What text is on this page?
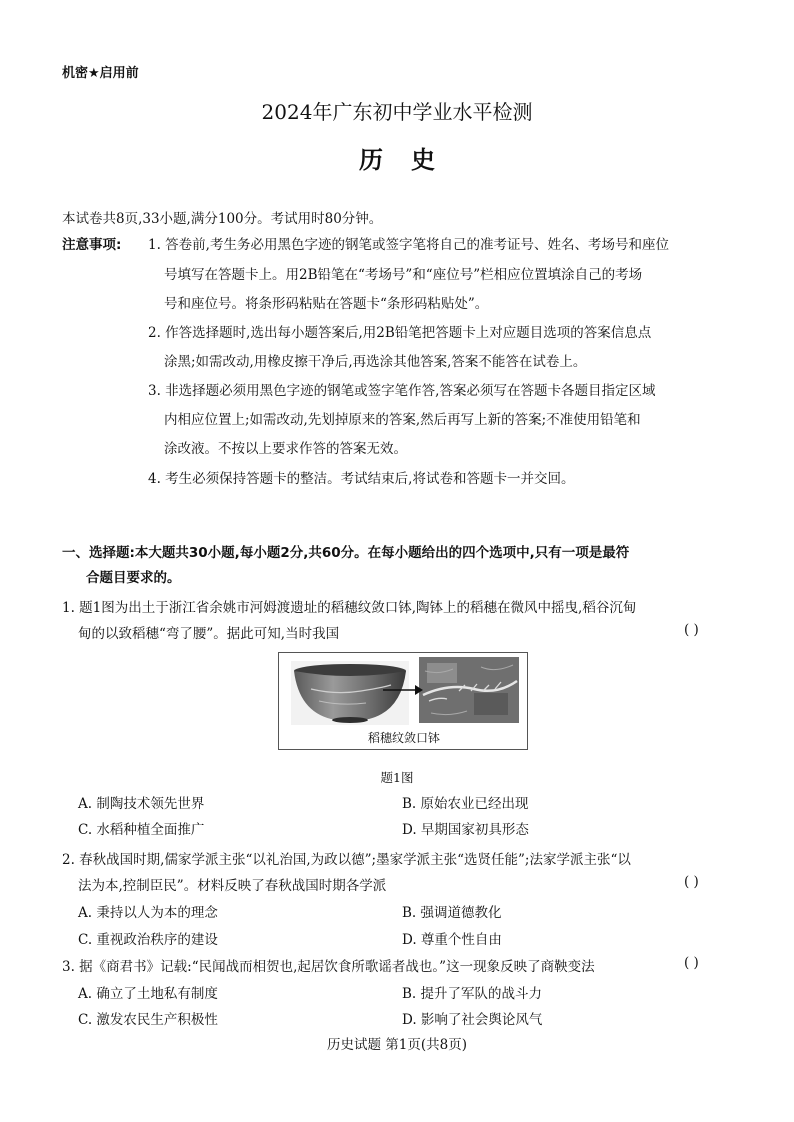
机密★启用前
2024年广东初中学业水平检测
历史
本试卷共8页,33小题,满分100分。考试用时80分钟。
注意事项: 1. 答卷前,考生务必用黑色字迹的钢笔或签字笔将自己的准考证号、姓名、考场号和座位
号填写在答题卡上。用2B铅笔在“考场号”和“座位号”栏相应位置填涂自己的考场
号和座位号。将条形码粘贴在答题卡“条形码粘贴处”。
2. 作答选择题时,选出每小题答案后,用2B铅笔把答题卡上对应题目选项的答案信息点
涂黑;如需改动,用橡皮擦干净后,再选涂其他答案,答案不能答在试卷上。
3. 非选择题必须用黑色字迹的钢笔或签字笔作答,答案必须写在答题卡各题目指定区域
内相应位置上;如需改动,先划掉原来的答案,然后再写上新的答案;不准使用铅笔和
涂改液。不按以上要求作答的答案无效。
4. 考生必须保持答题卡的整洁。考试结束后,将试卷和答题卡一并交回。
一、选择题:本大题共30小题,每小题2分,共60分。在每小题给出的四个选项中,只有一项是最符
合题目要求的。
1. 题1图为出土于浙江省余姚市河姆渡遗址的稻穗纹敛口钵,陶钵上的稻穗在微风中摇曳,稻谷沉甸
甸的以致稻穗“弯了腰”。据此可知,当时我国	( )
稻穗纹敛口钵
题1图
A. 制陶技术领先世界	B. 原始农业已经出现
C. 水稻种植全面推广	D. 早期国家初具形态
2. 春秋战国时期,儒家学派主张“以礼治国,为政以德”;墨家学派主张“选贤任能”;法家学派主张“以
法为本,控制臣民”。材料反映了春秋战国时期各学派	( )
A. 秉持以人为本的理念	B. 强调道德教化
C. 重视政治秩序的建设	D. 尊重个性自由
3. 据《商君书》记载:“民闻战而相贺也,起居饮食所歌谣者战也。”这一现象反映了商鞅变法	( )
A. 确立了土地私有制度	B. 提升了军队的战斗力
C. 激发农民生产积极性	D. 影响了社会舆论风气
历史试题 第1页(共8页)
